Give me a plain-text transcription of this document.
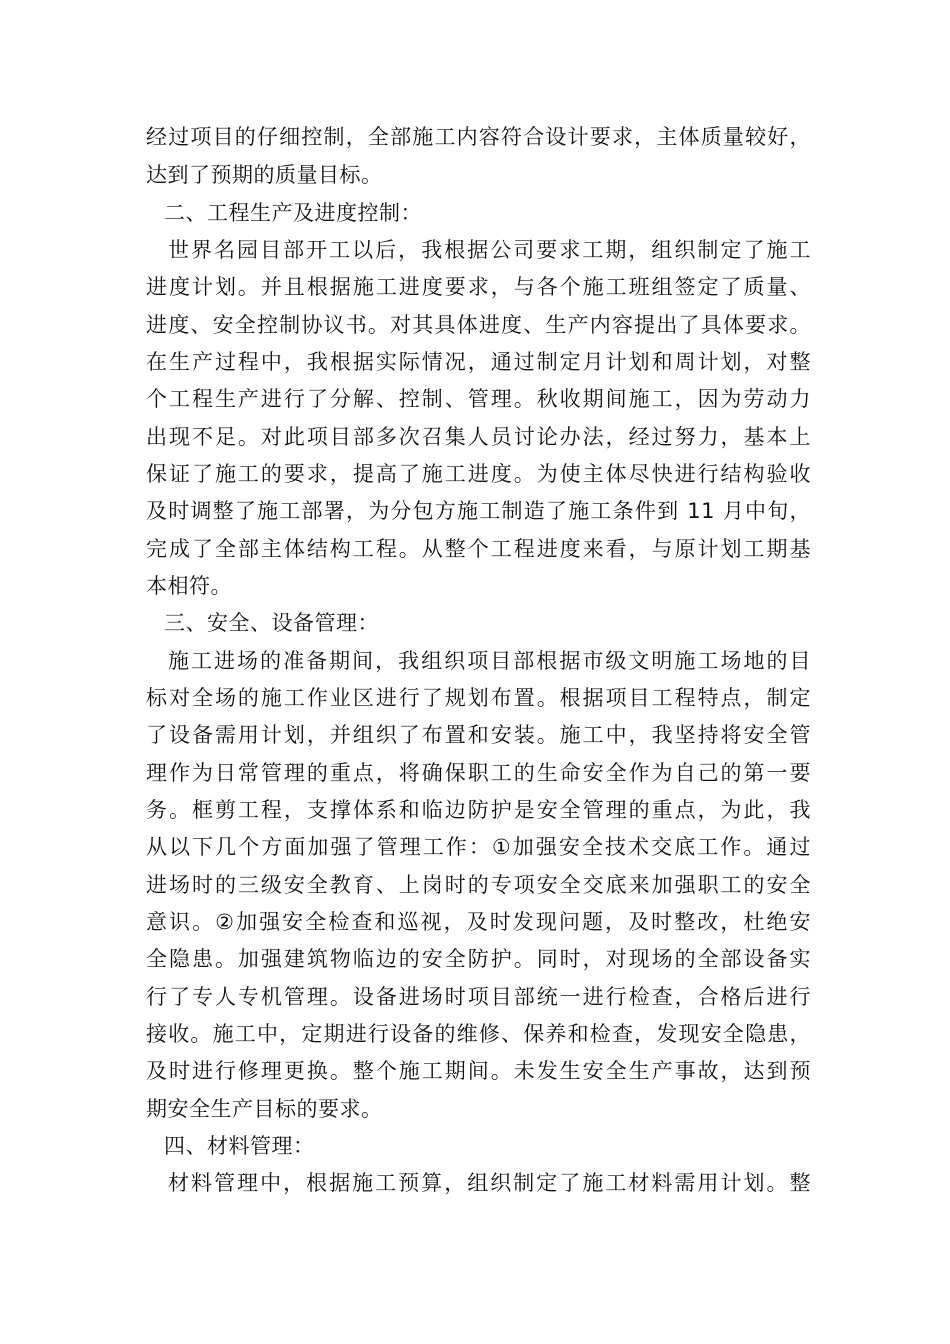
经过项目的仔细控制，全部施工内容符合设计要求，主体质量较好，
达到了预期的质量目标。
二、工程生产及进度控制：
世界名园目部开工以后，我根据公司要求工期，组织制定了施工
进度计划。并且根据施工进度要求，与各个施工班组签定了质量、
进度、安全控制协议书。对其具体进度、生产内容提出了具体要求。
在生产过程中，我根据实际情况，通过制定月计划和周计划，对整
个工程生产进行了分解、控制、管理。秋收期间施工，因为劳动力
出现不足。对此项目部多次召集人员讨论办法，经过努力，基本上
保证了施工的要求，提高了施工进度。为使主体尽快进行结构验收
及时调整了施工部署，为分包方施工制造了施工条件到 11 月中旬，
完成了全部主体结构工程。从整个工程进度来看，与原计划工期基
本相符。
三、安全、设备管理：
施工进场的准备期间，我组织项目部根据市级文明施工场地的目
标对全场的施工作业区进行了规划布置。根据项目工程特点，制定
了设备需用计划，并组织了布置和安装。施工中，我坚持将安全管
理作为日常管理的重点，将确保职工的生命安全作为自己的第一要
务。框剪工程，支撑体系和临边防护是安全管理的重点，为此，我
从以下几个方面加强了管理工作：①加强安全技术交底工作。通过
进场时的三级安全教育、上岗时的专项安全交底来加强职工的安全
意识。②加强安全检查和巡视，及时发现问题，及时整改，杜绝安
全隐患。加强建筑物临边的安全防护。同时，对现场的全部设备实
行了专人专机管理。设备进场时项目部统一进行检查，合格后进行
接收。施工中，定期进行设备的维修、保养和检查，发现安全隐患，
及时进行修理更换。整个施工期间。未发生安全生产事故，达到预
期安全生产目标的要求。
四、材料管理：
材料管理中，根据施工预算，组织制定了施工材料需用计划。整
